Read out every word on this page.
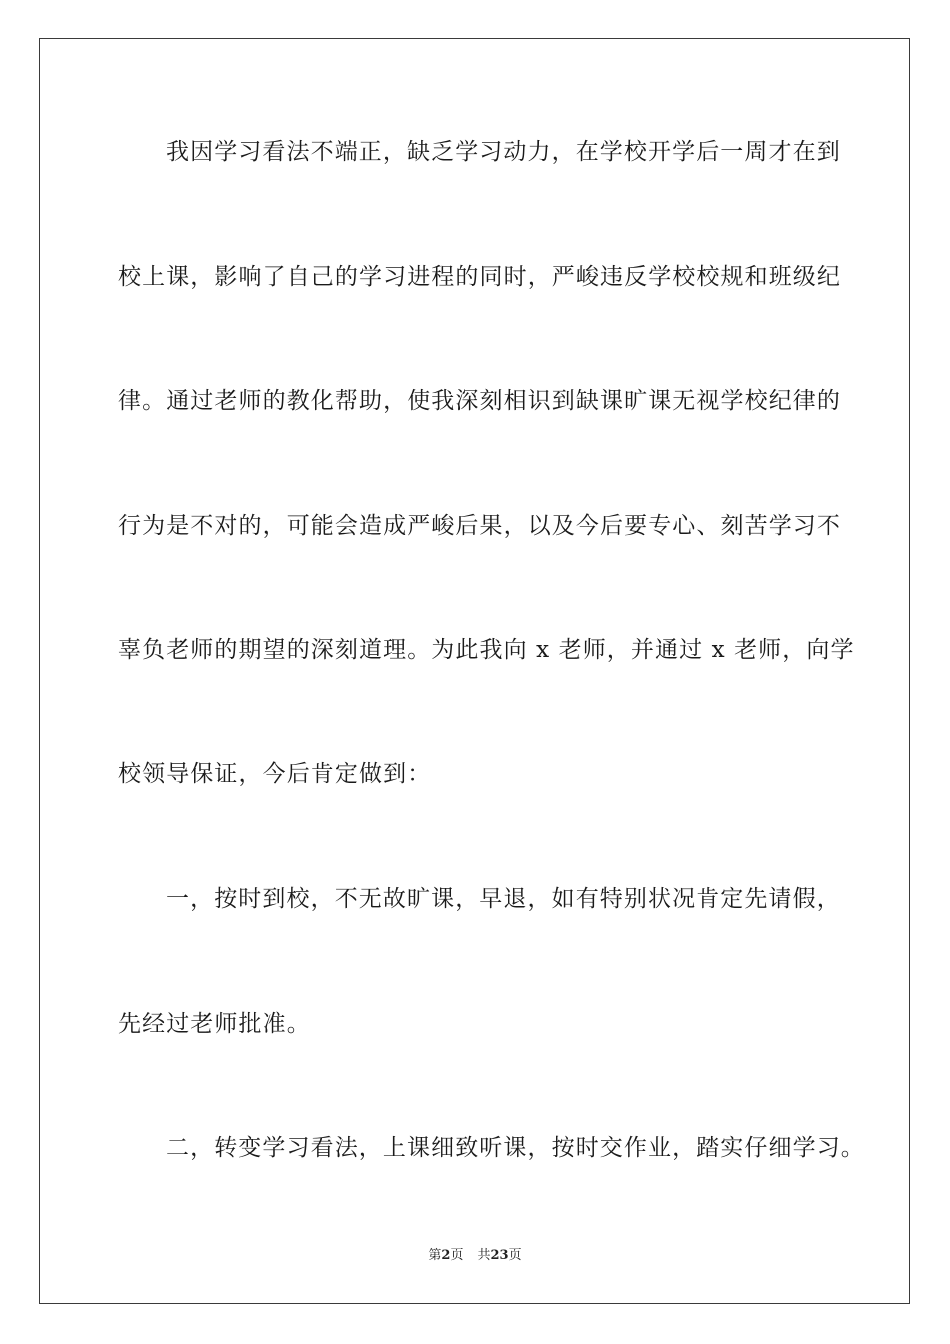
我因学习看法不端正，缺乏学习动力，在学校开学后一周才在到
校上课，影响了自己的学习进程的同时，严峻违反学校校规和班级纪
律。通过老师的教化帮助，使我深刻相识到缺课旷课无视学校纪律的
行为是不对的，可能会造成严峻后果，以及今后要专心、刻苦学习不
辜负老师的期望的深刻道理。为此我向 x 老师，并通过 x 老师，向学
校领导保证，今后肯定做到：
一，按时到校，不无故旷课，早退，如有特别状况肯定先请假，
先经过老师批准。
二，转变学习看法，上课细致听课，按时交作业，踏实仔细学习。
第2页 共23页
